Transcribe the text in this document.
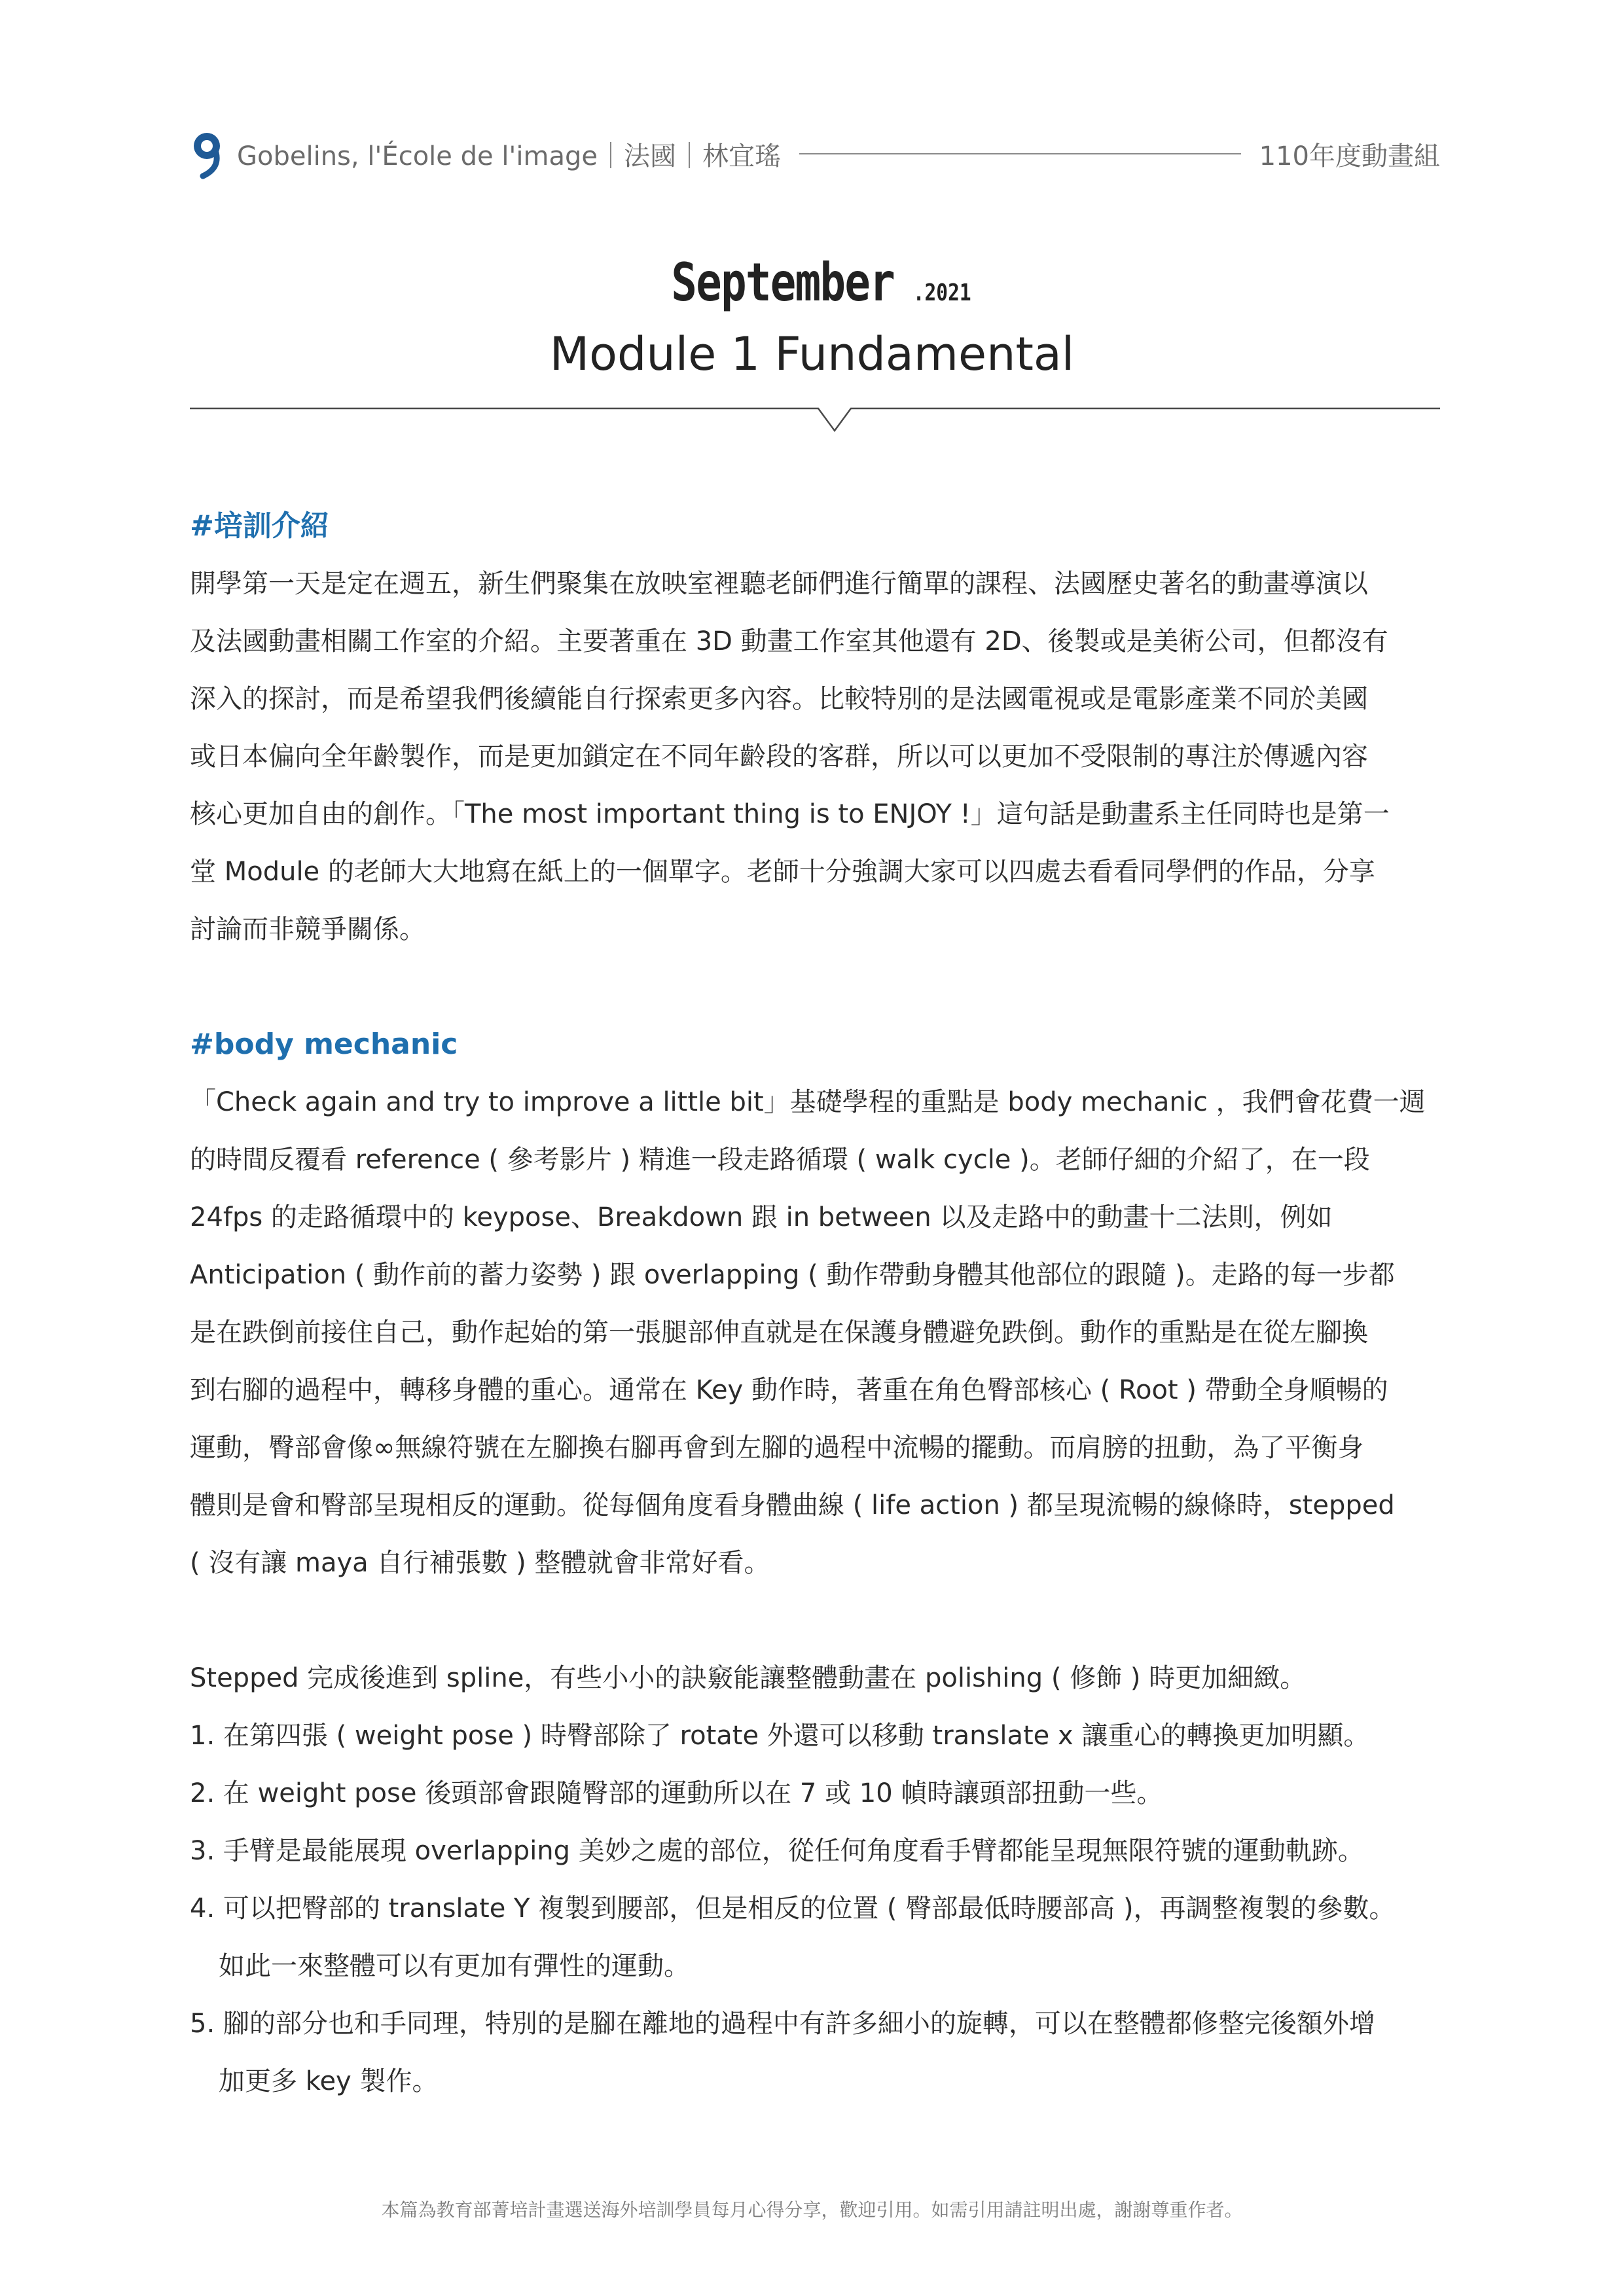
Gobelins, l'École de l'image｜法國｜林宜瑤	110年度動畫組
September .2021
Module 1 Fundamental
#培訓介紹
開學第一天是定在週五，新生們聚集在放映室裡聽老師們進行簡單的課程、法國歷史著名的動畫導演以
及法國動畫相關工作室的介紹。主要著重在 3D 動畫工作室其他還有 2D、後製或是美術公司，但都沒有
深入的探討，而是希望我們後續能自行探索更多內容。比較特別的是法國電視或是電影產業不同於美國
或日本偏向全年齡製作，而是更加鎖定在不同年齡段的客群，所以可以更加不受限制的專注於傳遞內容
核心更加自由的創作。「The most important thing is to ENJOY !」這句話是動畫系主任同時也是第一
堂 Module 的老師大大地寫在紙上的一個單字。老師十分強調大家可以四處去看看同學們的作品，分享
討論而非競爭關係。
#body mechanic
「Check again and try to improve a little bit」基礎學程的重點是 body mechanic ，我們會花費一週
的時間反覆看 reference ( 參考影片 ) 精進一段走路循環 ( walk cycle )。老師仔細的介紹了，在一段
24fps 的走路循環中的 keypose、Breakdown 跟 in between 以及走路中的動畫十二法則，例如
Anticipation ( 動作前的蓄力姿勢 ) 跟 overlapping ( 動作帶動身體其他部位的跟隨 )。走路的每一步都
是在跌倒前接住自己，動作起始的第一張腿部伸直就是在保護身體避免跌倒。動作的重點是在從左腳換
到右腳的過程中，轉移身體的重心。通常在 Key 動作時，著重在角色臀部核心 ( Root ) 帶動全身順暢的
運動，臀部會像∞無線符號在左腳換右腳再會到左腳的過程中流暢的擺動。而肩膀的扭動，為了平衡身
體則是會和臀部呈現相反的運動。從每個角度看身體曲線 ( life action ) 都呈現流暢的線條時，stepped
( 沒有讓 maya 自行補張數 ) 整體就會非常好看。
Stepped 完成後進到 spline，有些小小的訣竅能讓整體動畫在 polishing ( 修飾 ) 時更加細緻。
1. 在第四張 ( weight pose ) 時臀部除了 rotate 外還可以移動 translate x 讓重心的轉換更加明顯。
2. 在 weight pose 後頭部會跟隨臀部的運動所以在 7 或 10 幀時讓頭部扭動一些。
3. 手臂是最能展現 overlapping 美妙之處的部位，從任何角度看手臂都能呈現無限符號的運動軌跡。
4. 可以把臀部的 translate Y 複製到腰部，但是相反的位置 ( 臀部最低時腰部高 )，再調整複製的參數。
如此一來整體可以有更加有彈性的運動。
5. 腳的部分也和手同理，特別的是腳在離地的過程中有許多細小的旋轉，可以在整體都修整完後額外增
加更多 key 製作。
本篇為教育部菁培計畫選送海外培訓學員每月心得分享，歡迎引用。如需引用請註明出處，謝謝尊重作者。
